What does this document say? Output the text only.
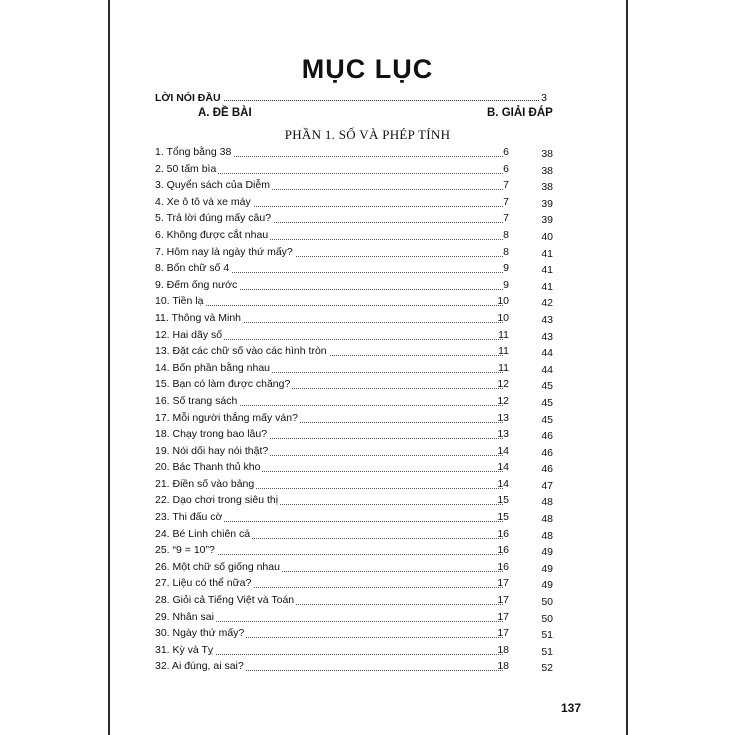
MỤC LỤC
LỜI NÓI ĐẦU	3
A. ĐỀ BÀI	B. GIẢI ĐÁP
PHẦN 1. SỐ VÀ PHÉP TÍNH
1. Tổng bằng 38	6	38
2. 50 tấm bìa	6	38
3. Quyển sách của Diễm	7	38
4. Xe ô tô và xe máy	7	39
5. Trả lời đúng mấy câu?	7	39
6. Không được cắt nhau	8	40
7. Hôm nay là ngày thứ mấy?	8	41
8. Bốn chữ số 4	9	41
9. Đếm ống nước	9	41
10. Tiền lạ	10	42
11. Thông và Minh	10	43
12. Hai dãy số	11	43
13. Đặt các chữ số vào các hình tròn	11	44
14. Bốn phần bằng nhau	11	44
15. Bạn có làm được chăng?	12	45
16. Số trang sách	12	45
17. Mỗi người thắng mấy ván?	13	45
18. Chạy trong bao lâu?	13	46
19. Nói dối hay nói thật?	14	46
20. Bác Thanh thủ kho	14	46
21. Điền số vào bảng	14	47
22. Dạo chơi trong siêu thị	15	48
23. Thi đấu cờ	15	48
24. Bé Linh chiên cá	16	48
25. “9 = 10”?	16	49
26. Một chữ số giống nhau	16	49
27. Liệu có thể nữa?	17	49
28. Giỏi cả Tiếng Việt và Toán	17	50
29. Nhân sai	17	50
30. Ngày thứ mấy?	17	51
31. Kỳ và Tỵ	18	51
32. Ai đúng, ai sai?	18	52
137
